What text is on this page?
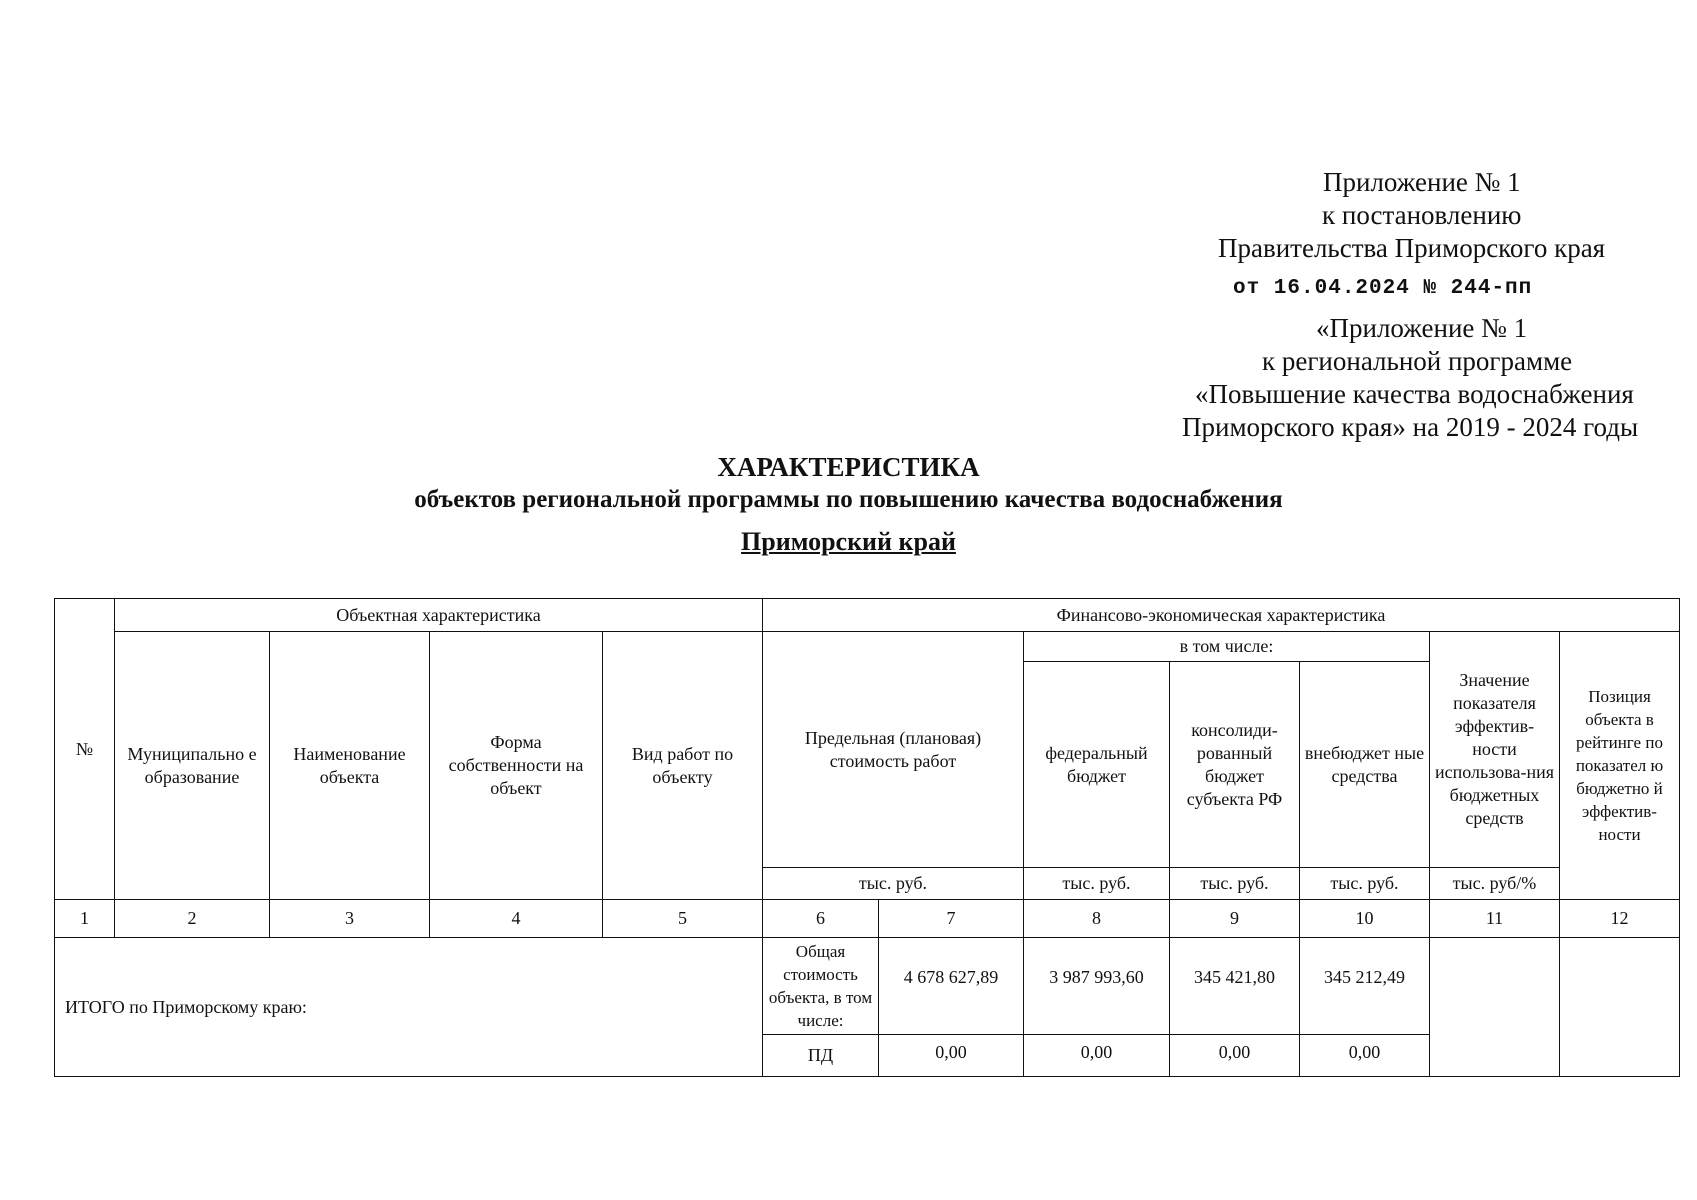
Приложение № 1
к постановлению
Правительства Приморского края
от 16.04.2024 № 244-пп
«Приложение № 1
к региональной программе
«Повышение качества водоснабжения
Приморского края» на 2019 - 2024 годы
ХАРАКТЕРИСТИКА
объектов региональной программы по повышению качества водоснабжения
Приморский край
№	Объектная характеристика				Финансово-экономическая характеристика						
	Муниципально е образование	Наименование объекта	Форма собственности на объект	Вид работ по объекту	Предельная (плановая) стоимость работ		в том числе:			Значение показателя эффектив-ности использова-ния бюджетных средств	Позиция объекта в рейтинге по показател ю бюджетно й эффектив-ности
							федеральный бюджет	консолиди-рованный бюджет субъекта РФ	внебюджет ные средства		
					тыс. руб.		тыс. руб.	тыс. руб.	тыс. руб.	тыс. руб/%	
1	2	3	4	5	6	7	8	9	10	11	12
ИТОГО по Приморскому краю:					Общая стоимость объекта, в том числе:	4 678 627,89	3 987 993,60	345 421,80	345 212,49		
					ПД	0,00	0,00	0,00	0,00		
